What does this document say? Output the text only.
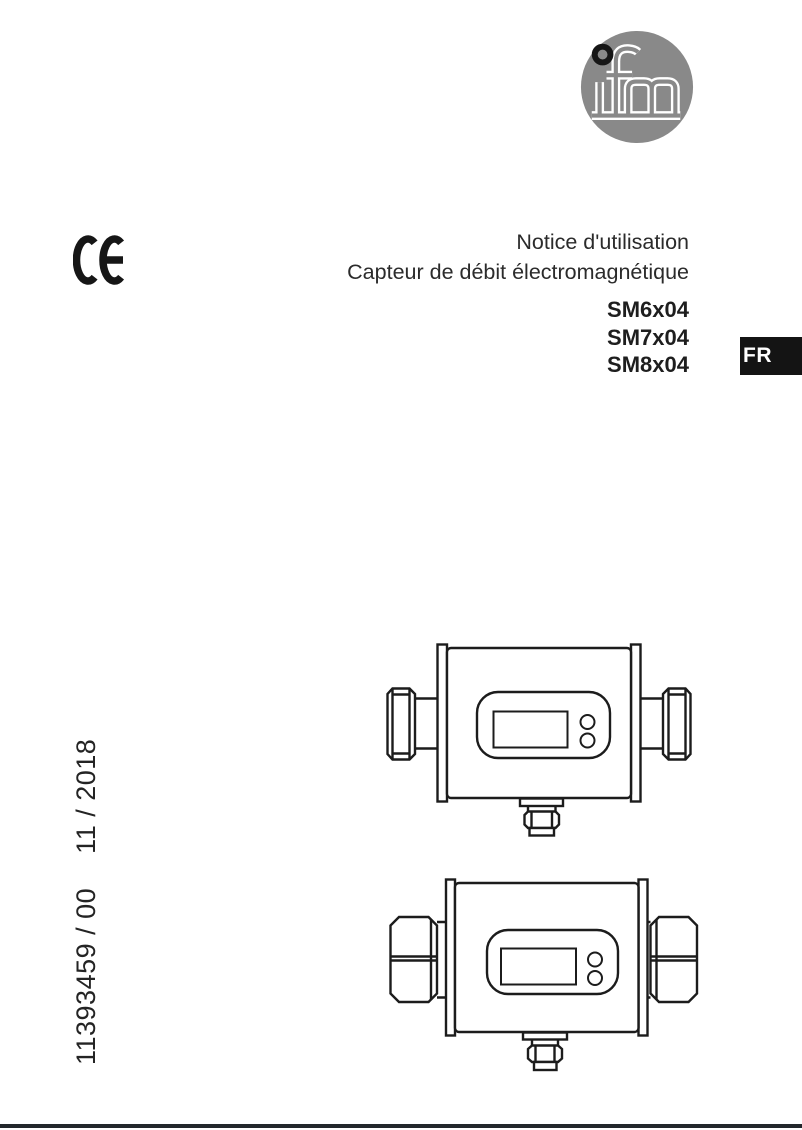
Notice d'utilisation
Capteur de débit électromagnétique
SM6x04
SM7x04
SM8x04	FR
11393459 / 00 11 / 2018
